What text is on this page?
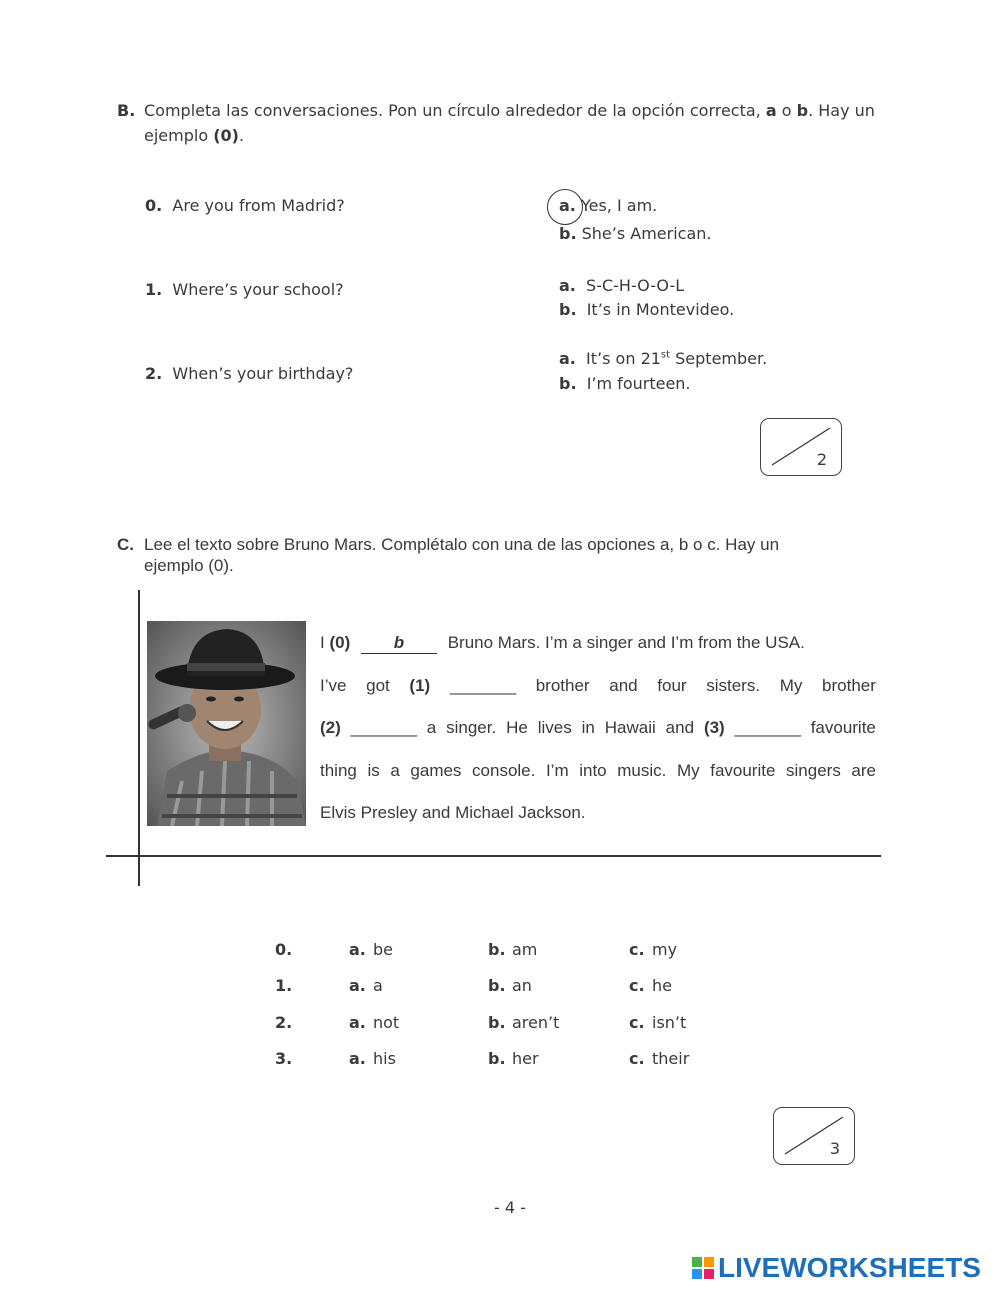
B. Completa las conversaciones. Pon un círculo alrededor de la opción correcta, a o b. Hay un
ejemplo (0).
0. Are you from Madrid?	a. Yes, I am.
b. She’s American.
1. Where’s your school?	a. S-C-H-O-O-L
b. It’s in Montevideo.
2. When’s your birthday?
a. It’s on 21st September.
b. I’m fourteen.
2
C. Lee el texto sobre Bruno Mars. Complétalo con una de las opciones a, b o c. Hay un
ejemplo (0).
I (0)	b	Bruno Mars. I’m a singer and I’m from the USA.
I’ve got (1) _______ brother and four sisters. My brother
(2) _______ a singer. He lives in Hawaii and (3) _______ favourite
thing is a games console. I’m into music. My favourite singers are
Elvis Presley and Michael Jackson.
0.	a. be	b. am	c. my
1.	a. a	b. an	c. he
2.	a. not	b. aren’t	c. isn’t
3.	a. his	b. her	c. their
3
- 4 -
LIVEWORKSHEETS
